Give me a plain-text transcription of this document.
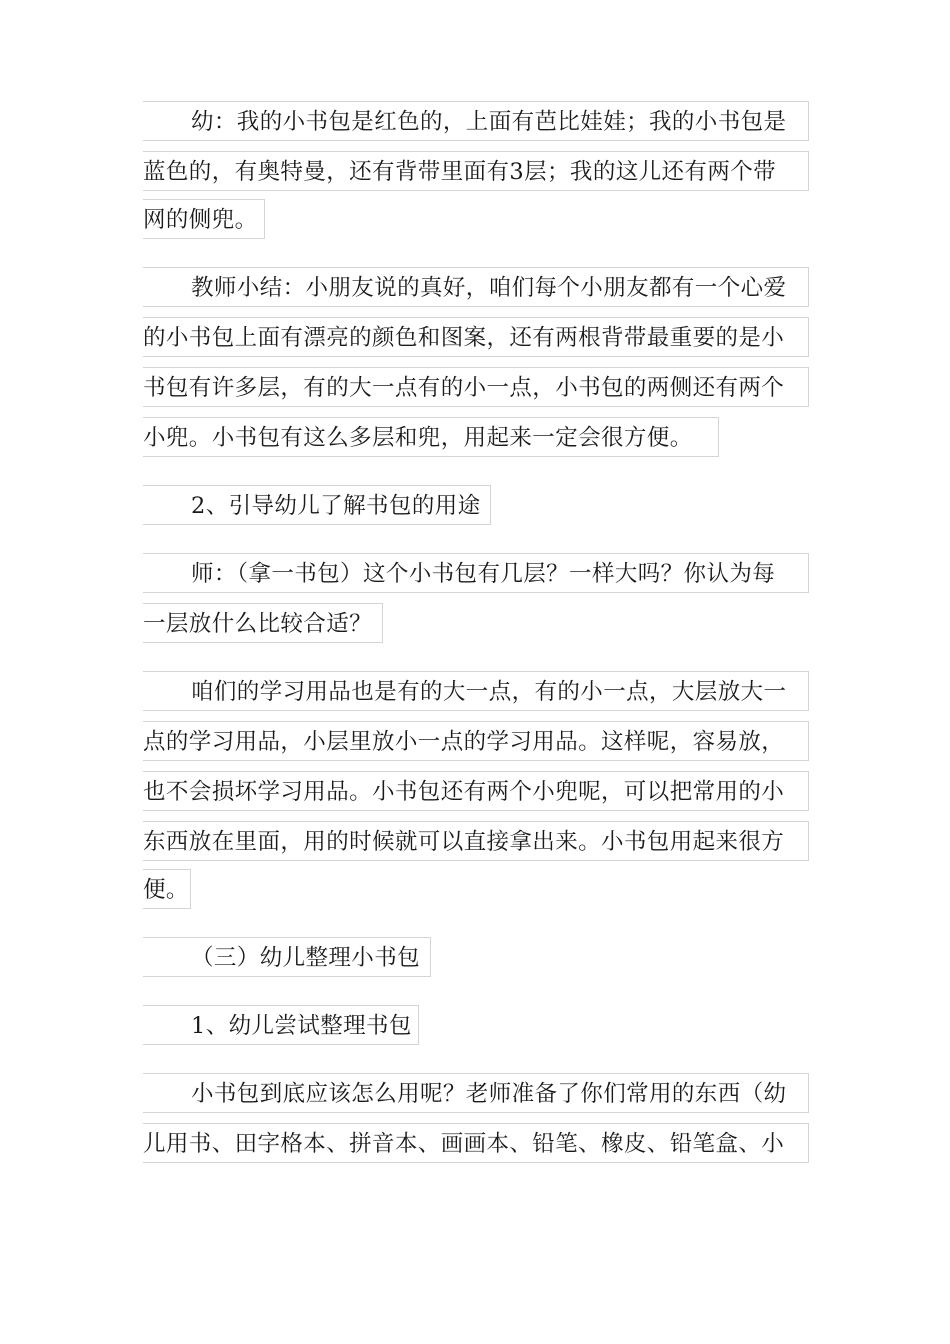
幼：我的小书包是红色的，上面有芭比娃娃；我的小书包是
蓝色的，有奥特曼，还有背带里面有3层；我的这儿还有两个带
网的侧兜。
教师小结：小朋友说的真好，咱们每个小朋友都有一个心爱
的小书包上面有漂亮的颜色和图案，还有两根背带最重要的是小
书包有许多层，有的大一点有的小一点，小书包的两侧还有两个
小兜。小书包有这么多层和兜，用起来一定会很方便。
2、引导幼儿了解书包的用途
师：（拿一书包）这个小书包有几层？一样大吗？你认为每
一层放什么比较合适？
咱们的学习用品也是有的大一点，有的小一点，大层放大一
点的学习用品，小层里放小一点的学习用品。这样呢，容易放，
也不会损坏学习用品。小书包还有两个小兜呢，可以把常用的小
东西放在里面，用的时候就可以直接拿出来。小书包用起来很方
便。
（三）幼儿整理小书包
1、幼儿尝试整理书包
小书包到底应该怎么用呢？老师准备了你们常用的东西（幼
儿用书、田字格本、拼音本、画画本、铅笔、橡皮、铅笔盒、小
